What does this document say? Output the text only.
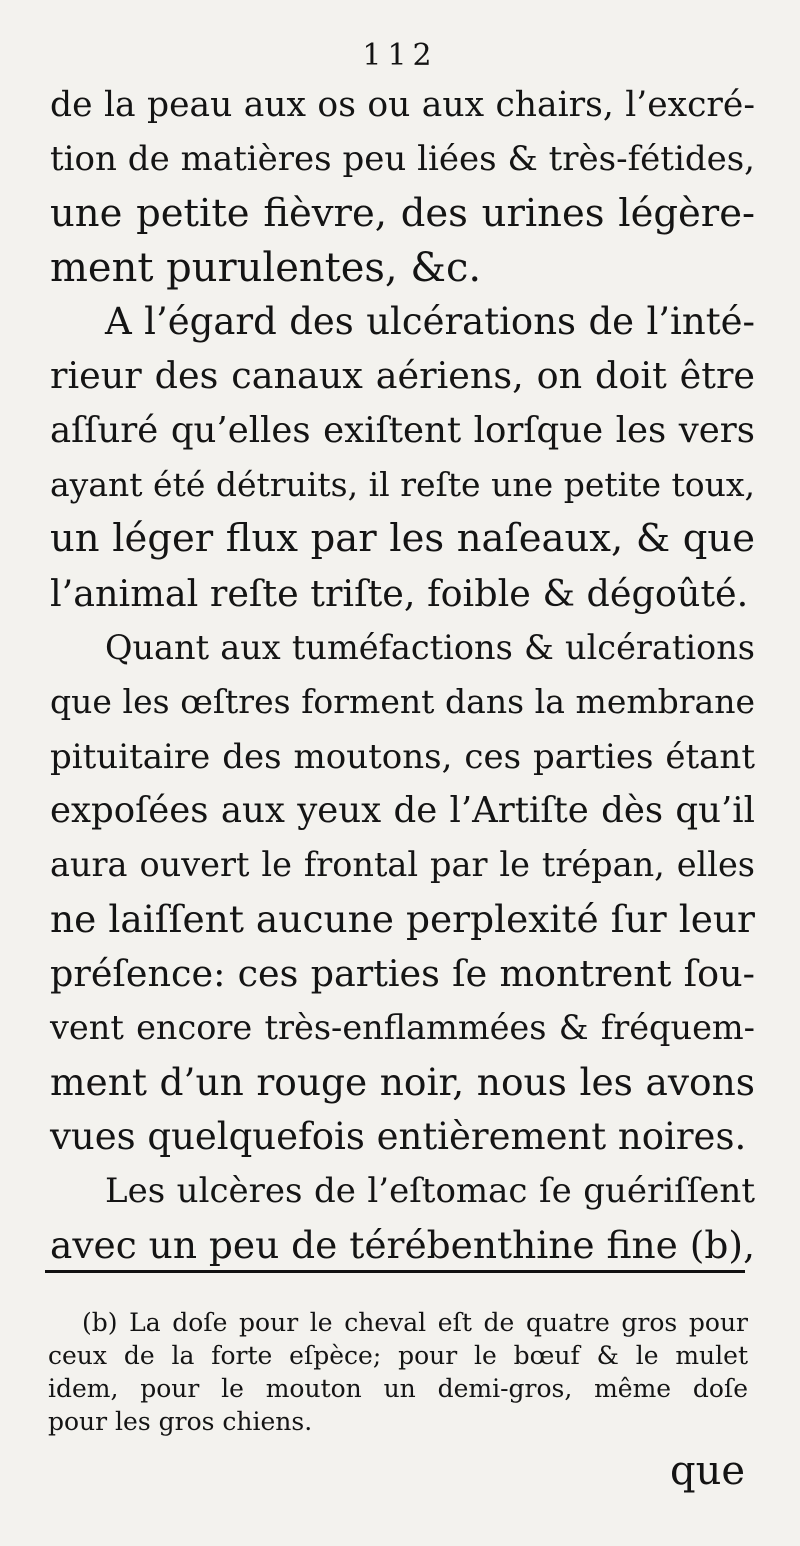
112
de la peau aux os ou aux chairs, l’excré-
tion de matières peu liées & très-fétides,
une petite fièvre, des urines légère-
ment purulentes, &c.
A l’égard des ulcérations de l’inté-
rieur des canaux aériens, on doit être
aſſuré qu’elles exiſtent lorſque les vers
ayant été détruits, il reſte une petite toux,
un léger flux par les naſeaux, & que
l’animal reſte triſte, foible & dégoûté.
Quant aux tuméfactions & ulcérations
que les œſtres forment dans la membrane
pituitaire des moutons, ces parties étant
expoſées aux yeux de l’Artiſte dès qu’il
aura ouvert le frontal par le trépan, elles
ne laiſſent aucune perplexité ſur leur
préſence: ces parties ſe montrent ſou-
vent encore très-enflammées & fréquem-
ment d’un rouge noir, nous les avons
vues quelquefois entièrement noires.
Les ulcères de l’eſtomac ſe guériſſent
avec un peu de térébenthine fine (b),
(b) La doſe pour le cheval eſt de quatre gros pour
ceux de la forte eſpèce; pour le bœuf & le mulet
idem, pour le mouton un demi-gros, même doſe
pour les gros chiens.
que
